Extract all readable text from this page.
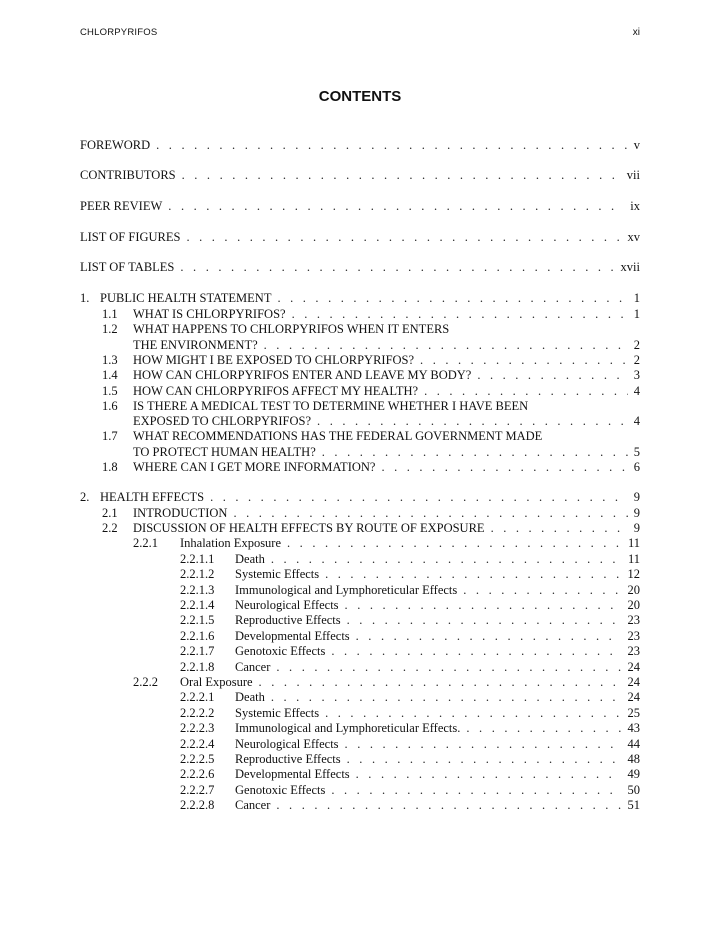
CHLORPYRIFOS	xi
CONTENTS
FOREWORD . . .	v
CONTRIBUTORS . . .	vii
PEER REVIEW . . .	ix
LIST OF FIGURES . . .	xv
LIST OF TABLES . . .	xvii
1. PUBLIC HEALTH STATEMENT . . .	1
1.1 WHAT IS CHLORPYRIFOS? . . .	1
1.2 WHAT HAPPENS TO CHLORPYRIFOS WHEN IT ENTERS
THE ENVIRONMENT? . . .	2
1.3 HOW MIGHT I BE EXPOSED TO CHLORPYRIFOS? . . .	2
1.4 HOW CAN CHLORPYRIFOS ENTER AND LEAVE MY BODY? . . .	3
1.5 HOW CAN CHLORPYRIFOS AFFECT MY HEALTH? . . .	4
1.6 IS THERE A MEDICAL TEST TO DETERMINE WHETHER I HAVE BEEN
EXPOSED TO CHLORPYRIFOS? . . .	4
1.7 WHAT RECOMMENDATIONS HAS THE FEDERAL GOVERNMENT MADE
TO PROTECT HUMAN HEALTH? . . .	5
1.8 WHERE CAN I GET MORE INFORMATION? . . .	6
2. HEALTH EFFECTS . . .	9
2.1 INTRODUCTION . . .	9
2.2 DISCUSSION OF HEALTH EFFECTS BY ROUTE OF EXPOSURE . . .	9
2.2.1 Inhalation Exposure . . .	11
2.2.1.1 Death . . .	11
2.2.1.2 Systemic Effects . . .	12
2.2.1.3 Immunological and Lymphoreticular Effects . . .	20
2.2.1.4 Neurological Effects . . .	20
2.2.1.5 Reproductive Effects . . .	23
2.2.1.6 Developmental Effects . . .	23
2.2.1.7 Genotoxic Effects . . .	23
2.2.1.8 Cancer . . .	24
2.2.2 Oral Exposure . . .	24
2.2.2.1 Death . . .	24
2.2.2.2 Systemic Effects . . .	25
2.2.2.3 Immunological and Lymphoreticular Effects. . . .	43
2.2.2.4 Neurological Effects . . .	44
2.2.2.5 Reproductive Effects . . .	48
2.2.2.6 Developmental Effects . . .	49
2.2.2.7 Genotoxic Effects . . .	50
2.2.2.8 Cancer . . .	51
